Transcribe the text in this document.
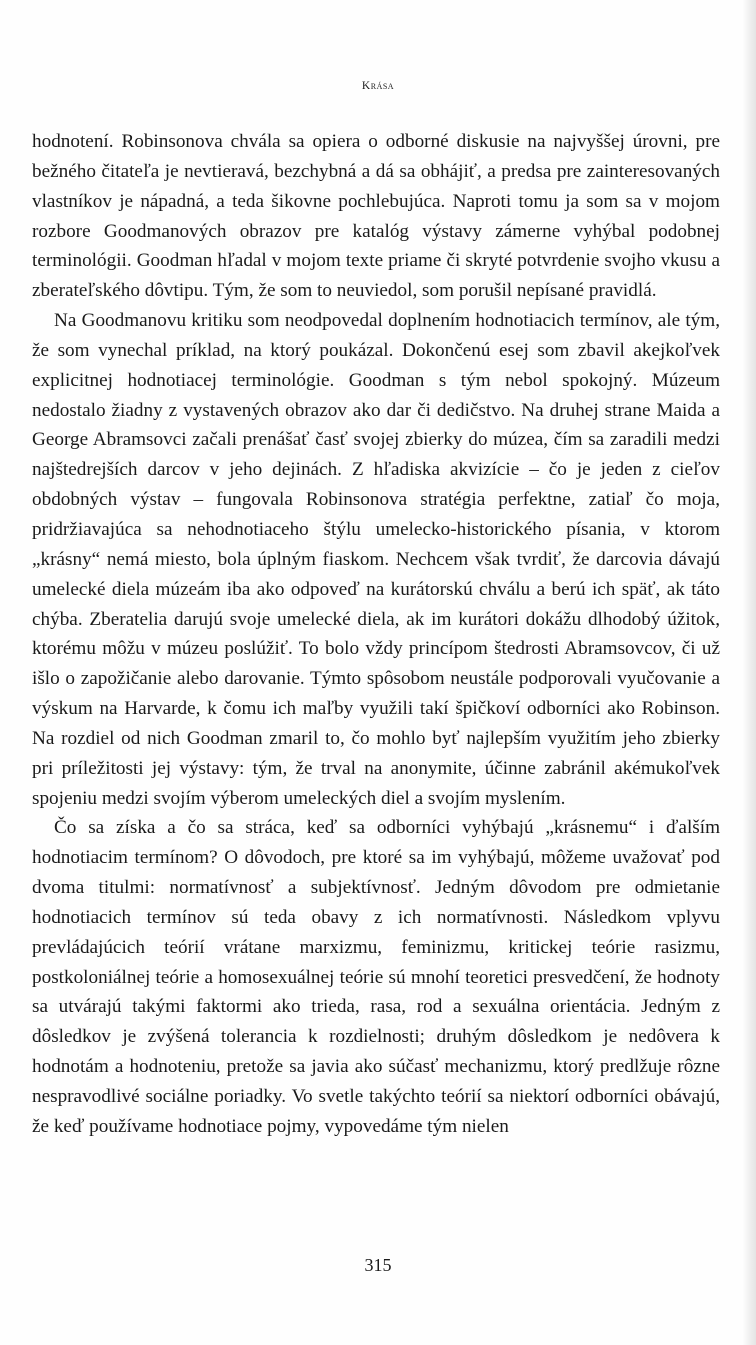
Krása

hodnotení. Robinsonova chvála sa opiera o odborné diskusie na najvyššej úrovni, pre bežného čitateľa je nevtieravá, bezchybná a dá sa obhájiť, a predsa pre zainteresovaných vlastníkov je nápadná, a teda šikovne pochlebujúca. Naproti tomu ja som sa v mojom rozbore Goodmanových obrazov pre katalóg výstavy zámerne vyhýbal podobnej terminológii. Goodman hľadal v mojom texte priame či skryté potvrdenie svojho vkusu a zberateľského dôvtipu. Tým, že som to neuviedol, som porušil nepísané pravidlá.

Na Goodmanovu kritiku som neodpovedal doplnením hodnotiacich termínov, ale tým, že som vynechal príklad, na ktorý poukázal. Dokončenú esej som zbavil akejkoľvek explicitnej hodnotiacej terminológie. Goodman s tým nebol spokojný. Múzeum nedostalo žiadny z vystavených obrazov ako dar či dedičstvo. Na druhej strane Maida a George Abramsovci začali prenášať časť svojej zbierky do múzea, čím sa zaradili medzi najštedrejších darcov v jeho dejinách. Z hľadiska akvizície – čo je jeden z cieľov obdobných výstav – fungovala Robinsonova stratégia perfektne, zatiaľ čo moja, pridržiavajúca sa nehodnotiaceho štýlu umelecko-historického písania, v ktorom „krásny“ nemá miesto, bola úplným fiaskom. Nechcem však tvrdiť, že darcovia dávajú umelecké diela múzeám iba ako odpoveď na kurátorskú chválu a berú ich späť, ak táto chýba. Zberatelia darujú svoje umelecké diela, ak im kurátori dokážu dlhodobý úžitok, ktorému môžu v múzeu poslúžiť. To bolo vždy princípom štedrosti Abramsovcov, či už išlo o zapožičanie alebo darovanie. Týmto spôsobom neustále podporovali vyučovanie a výskum na Harvarde, k čomu ich maľby využili takí špičkoví odborníci ako Robinson. Na rozdiel od nich Goodman zmaril to, čo mohlo byť najlepším využitím jeho zbierky pri príležitosti jej výstavy: tým, že trval na anonymite, účinne zabránil akémukoľvek spojeniu medzi svojím výberom umeleckých diel a svojím myslením.

Čo sa získa a čo sa stráca, keď sa odborníci vyhýbajú „krásnemu“ i ďalším hodnotiacim termínom? O dôvodoch, pre ktoré sa im vyhýbajú, môžeme uvažovať pod dvoma titulmi: normatívnosť a subjektívnosť. Jedným dôvodom pre odmietanie hodnotiacich termínov sú teda obavy z ich normatívnosti. Následkom vplyvu prevládajúcich teórií vrátane marxizmu, feminizmu, kritickej teórie rasizmu, postkoloniálnej teórie a homosexuálnej teórie sú mnohí teoretici presvedčení, že hodnoty sa utvárajú takými faktormi ako trieda, rasa, rod a sexuálna orientácia. Jedným z dôsledkov je zvýšená tolerancia k rozdielnosti; druhým dôsledkom je nedôvera k hodnotám a hodnoteniu, pretože sa javia ako súčasť mechanizmu, ktorý predlžuje rôzne nespravodlivé sociálne poriadky. Vo svetle takýchto teórií sa niektorí odborníci obávajú, že keď používame hodnotiace pojmy, vypovedáme tým nielen

315
